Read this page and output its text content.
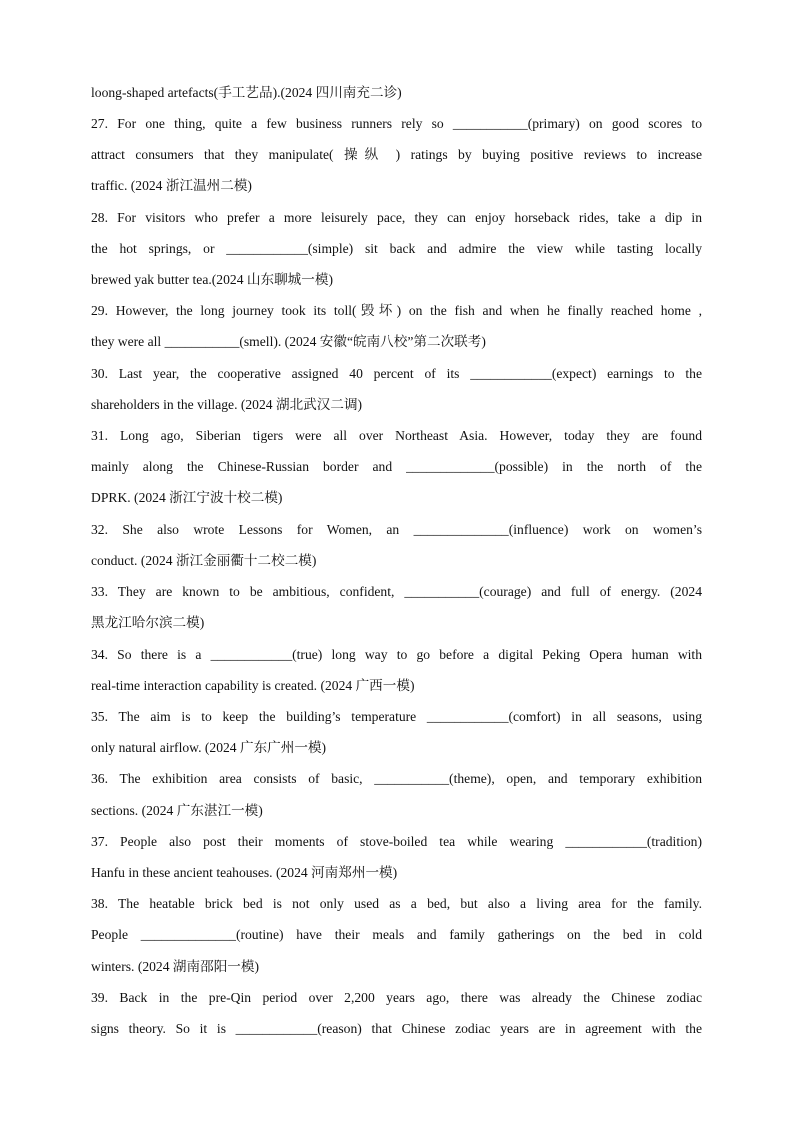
loong-shaped artefacts(手工艺品).(2024 四川南充二诊)
27. For one thing, quite a few business runners rely so ___________(primary) on good scores to
attract consumers that they manipulate( 操纵 ) ratings by buying positive reviews to increase
traffic. (2024 浙江温州二模)
28. For visitors who prefer a more leisurely pace, they can enjoy horseback rides, take a dip in
the hot springs, or ____________(simple) sit back and admire the view while tasting locally
brewed yak butter tea.(2024 山东聊城一模)
29. However, the long journey took its toll(毁坏) on the fish and when he finally reached home ,
they were all ___________(smell). (2024 安徽“皖南八校”第二次联考)
30. Last year, the cooperative assigned 40 percent of its ____________(expect) earnings to the
shareholders in the village. (2024 湖北武汉二调)
31. Long ago, Siberian tigers were all over Northeast Asia. However, today they are found
mainly along the Chinese-Russian border and _____________(possible) in the north of the
DPRK. (2024 浙江宁波十校二模)
32. She also wrote Lessons for Women, an ______________(influence) work on women’s
conduct. (2024 浙江金丽衢十二校二模)
33. They are known to be ambitious, confident, ___________(courage) and full of energy. (2024
黑龙江哈尔滨二模)
34. So there is a ____________(true) long way to go before a digital Peking Opera human with
real-time interaction capability is created. (2024 广西一模)
35. The aim is to keep the building’s temperature ____________(comfort) in all seasons, using
only natural airflow. (2024 广东广州一模)
36. The exhibition area consists of basic, ___________(theme), open, and temporary exhibition
sections. (2024 广东湛江一模)
37. People also post their moments of stove-boiled tea while wearing ____________(tradition)
Hanfu in these ancient teahouses. (2024 河南郑州一模)
38. The heatable brick bed is not only used as a bed, but also a living area for the family.
People ______________(routine) have their meals and family gatherings on the bed in cold
winters. (2024 湖南邵阳一模)
39. Back in the pre-Qin period over 2,200 years ago, there was already the Chinese zodiac
signs theory. So it is ____________(reason) that Chinese zodiac years are in agreement with the
